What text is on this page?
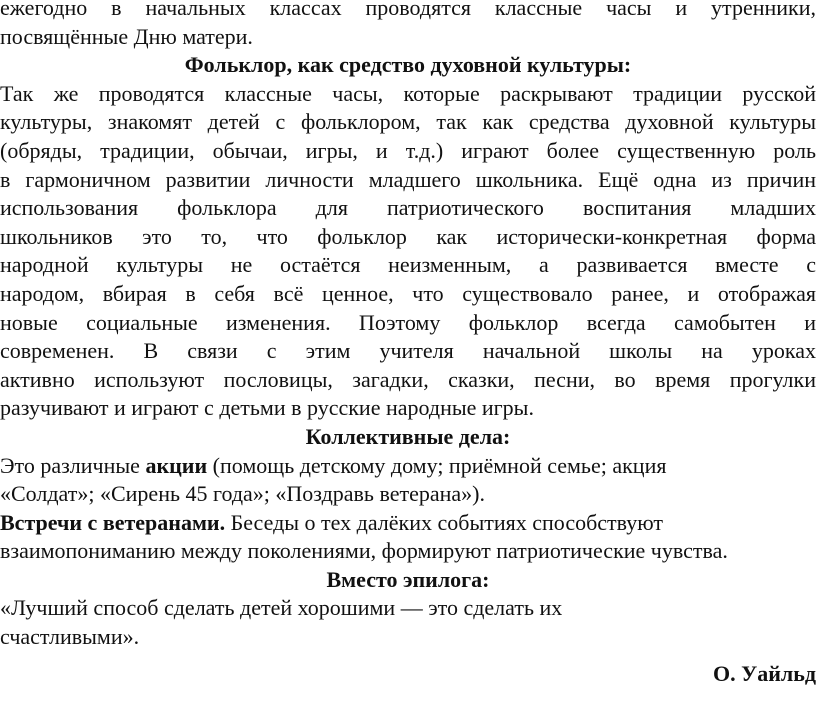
ежегодно в начальных классах проводятся классные часы и утренники,
посвящённые Дню матери.
Фольклор, как средство духовной культуры:
Так же проводятся классные часы, которые раскрывают традиции русской
культуры, знакомят детей с фольклором, так как средства духовной культуры
(обряды, традиции, обычаи, игры, и т.д.) играют более существенную роль
в гармоничном развитии личности младшего школьника. Ещё одна из причин
использования фольклора для патриотического воспитания младших
школьников это то, что фольклор как исторически-конкретная форма
народной культуры не остаётся неизменным, а развивается вместе с
народом, вбирая в себя всё ценное, что существовало ранее, и отображая
новые социальные изменения. Поэтому фольклор всегда самобытен и
современен. В связи с этим учителя начальной школы на уроках
активно используют пословицы, загадки, сказки, песни, во время прогулки
разучивают и играют с детьми в русские народные игры.
Коллективные дела:
Это различные акции (помощь детскому дому; приёмной семье; акция
«Солдат»; «Сирень 45 года»; «Поздравь ветерана»).
Встречи с ветеранами. Беседы о тех далёких событиях способствуют
взаимопониманию между поколениями, формируют патриотические чувства.
Вместо эпилога:
«Лучший способ сделать детей хорошими — это сделать их
счастливыми».
О. Уайльд
